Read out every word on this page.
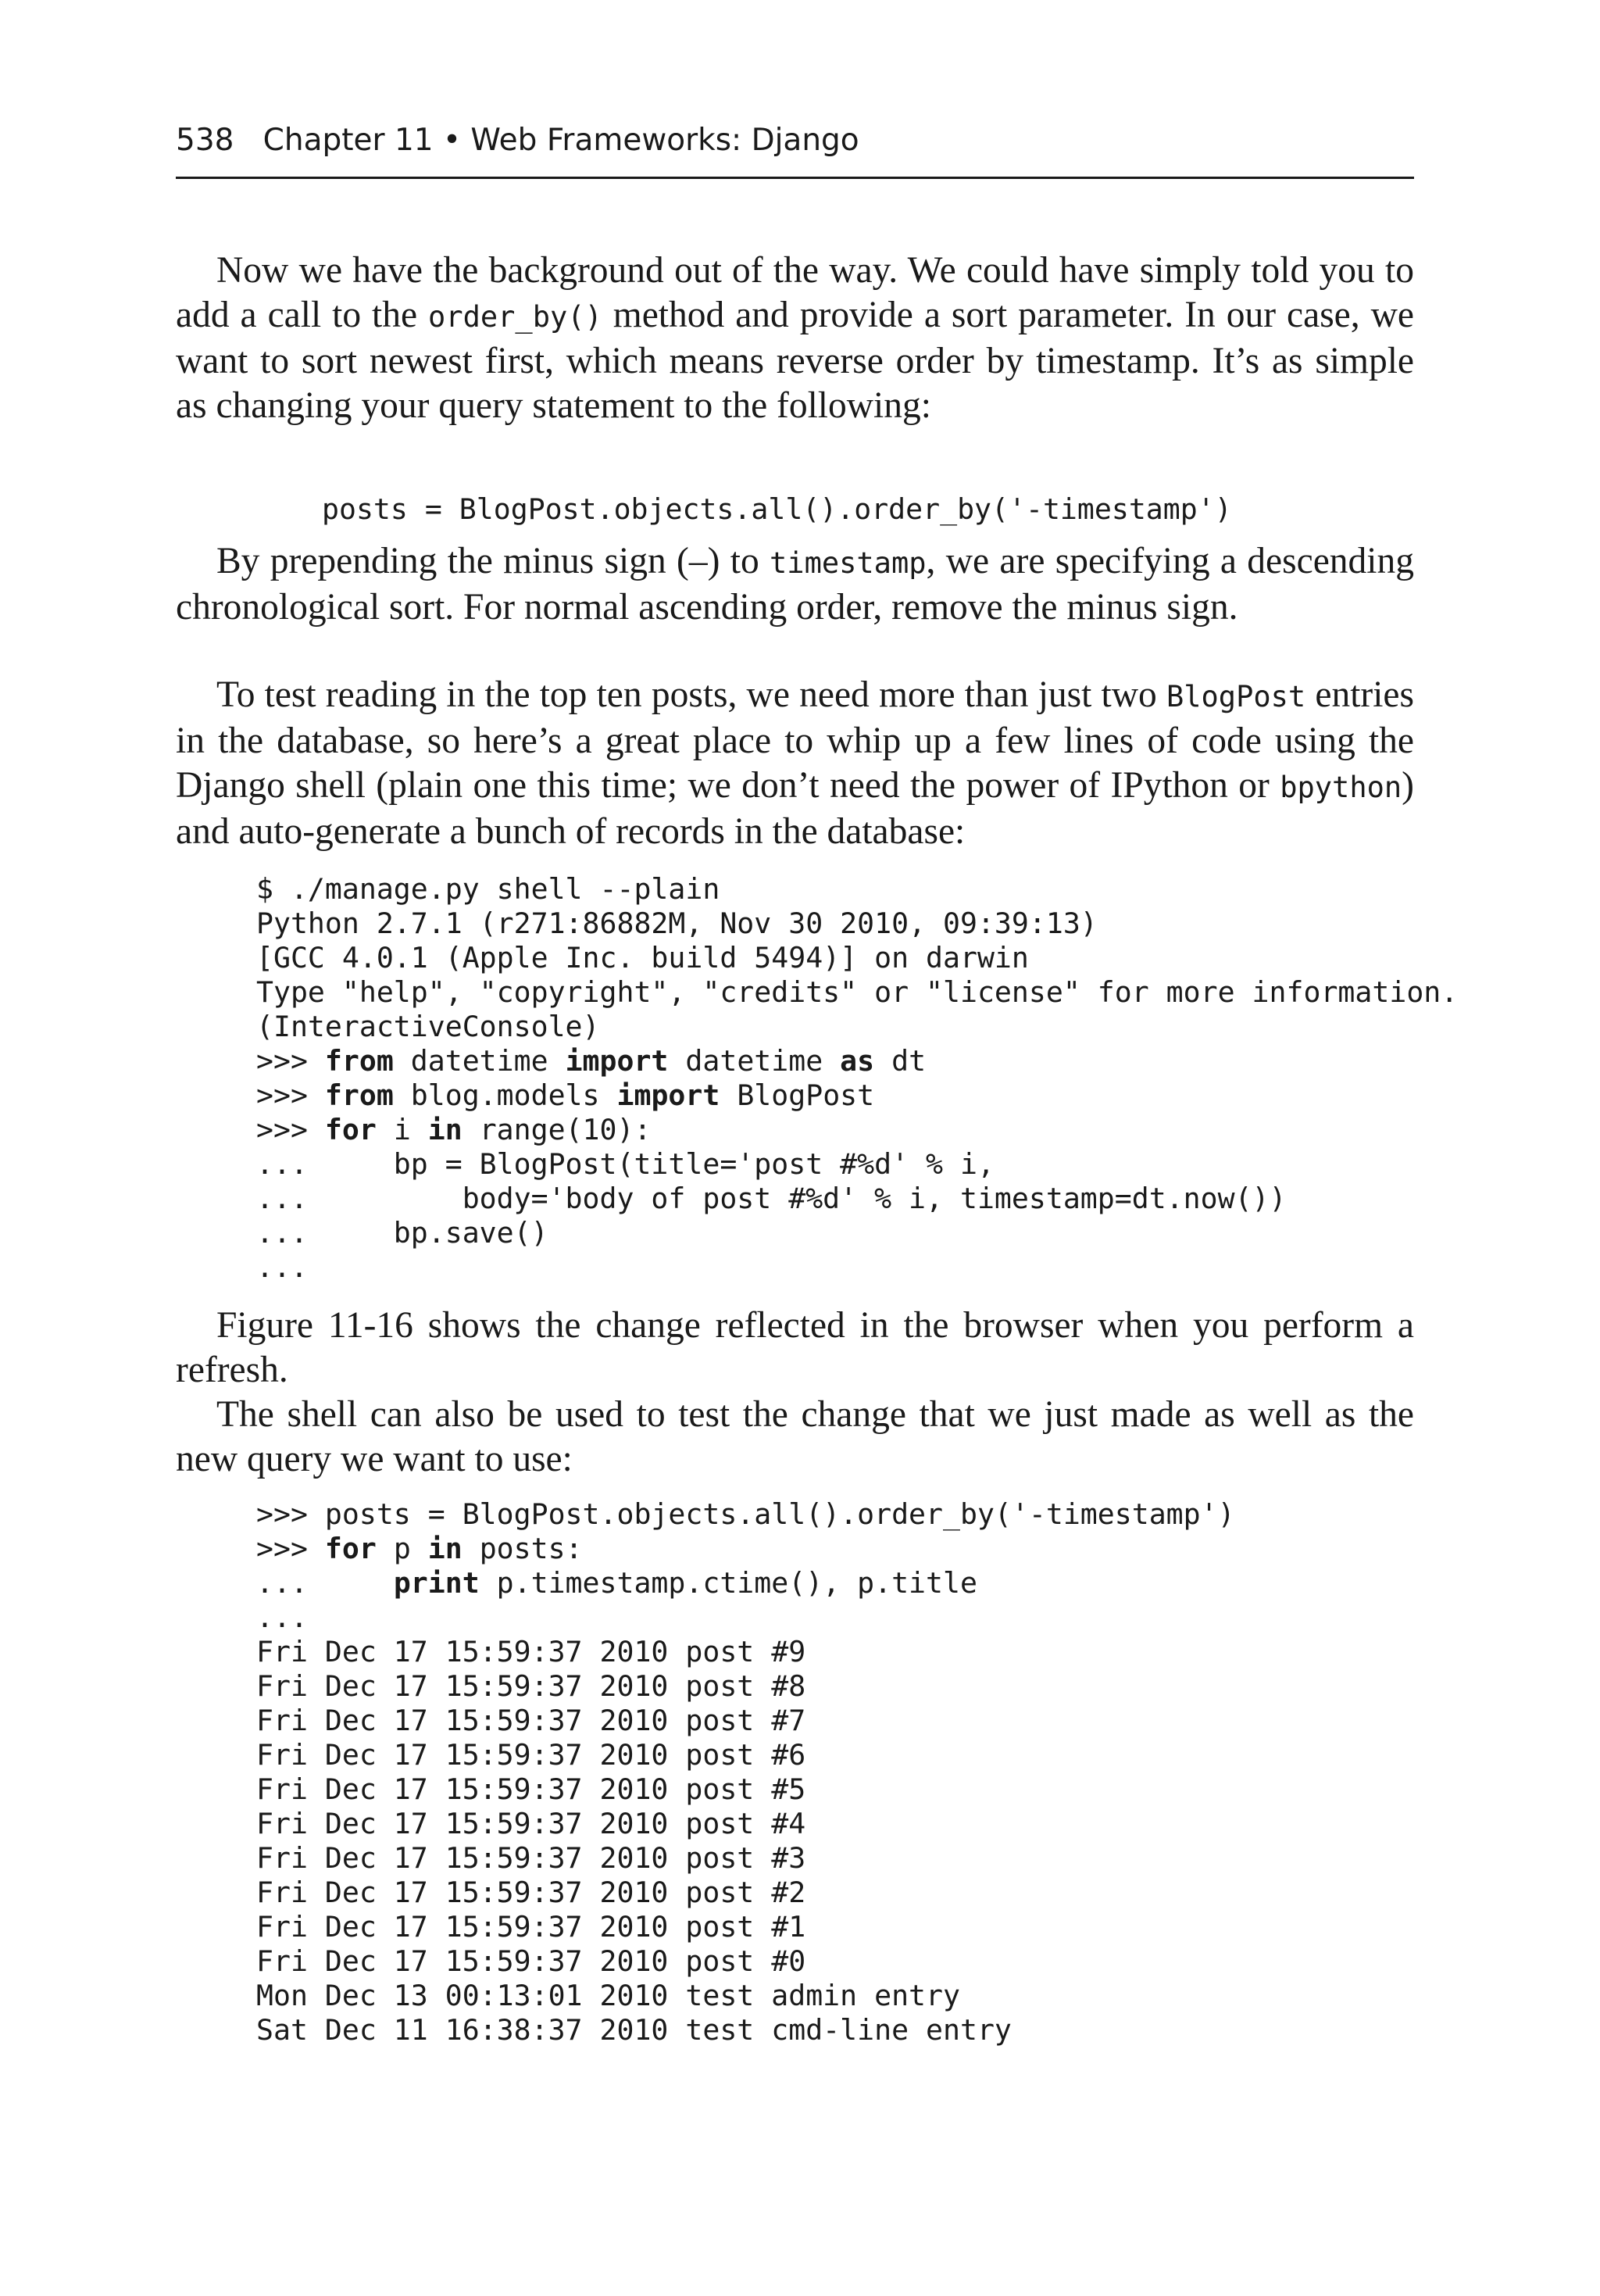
538 Chapter 11 • Web Frameworks: Django

Now we have the background out of the way. We could have simply told you to add a call to the order_by() method and provide a sort parameter. In our case, we want to sort newest first, which means reverse order by timestamp. It’s as simple as changing your query statement to the following:

posts = BlogPost.objects.all().order_by('-timestamp')

By prepending the minus sign (–) to timestamp, we are specifying a descending chronological sort. For normal ascending order, remove the minus sign.

To test reading in the top ten posts, we need more than just two BlogPost entries in the database, so here’s a great place to whip up a few lines of code using the Django shell (plain one this time; we don’t need the power of IPython or bpython) and auto-generate a bunch of records in the database:

$ ./manage.py shell --plain
Python 2.7.1 (r271:86882M, Nov 30 2010, 09:39:13)
[GCC 4.0.1 (Apple Inc. build 5494)] on darwin
Type "help", "copyright", "credits" or "license" for more information.
(InteractiveConsole)
>>> from datetime import datetime as dt
>>> from blog.models import BlogPost
>>> for i in range(10):
...     bp = BlogPost(title='post #%d' % i,
...         body='body of post #%d' % i, timestamp=dt.now())
...     bp.save()
...

Figure 11-16 shows the change reflected in the browser when you perform a refresh.

The shell can also be used to test the change that we just made as well as the new query we want to use:

>>> posts = BlogPost.objects.all().order_by('-timestamp')
>>> for p in posts:
...     print p.timestamp.ctime(), p.title
...
Fri Dec 17 15:59:37 2010 post #9
Fri Dec 17 15:59:37 2010 post #8
Fri Dec 17 15:59:37 2010 post #7
Fri Dec 17 15:59:37 2010 post #6
Fri Dec 17 15:59:37 2010 post #5
Fri Dec 17 15:59:37 2010 post #4
Fri Dec 17 15:59:37 2010 post #3
Fri Dec 17 15:59:37 2010 post #2
Fri Dec 17 15:59:37 2010 post #1
Fri Dec 17 15:59:37 2010 post #0
Mon Dec 13 00:13:01 2010 test admin entry
Sat Dec 11 16:38:37 2010 test cmd-line entry
